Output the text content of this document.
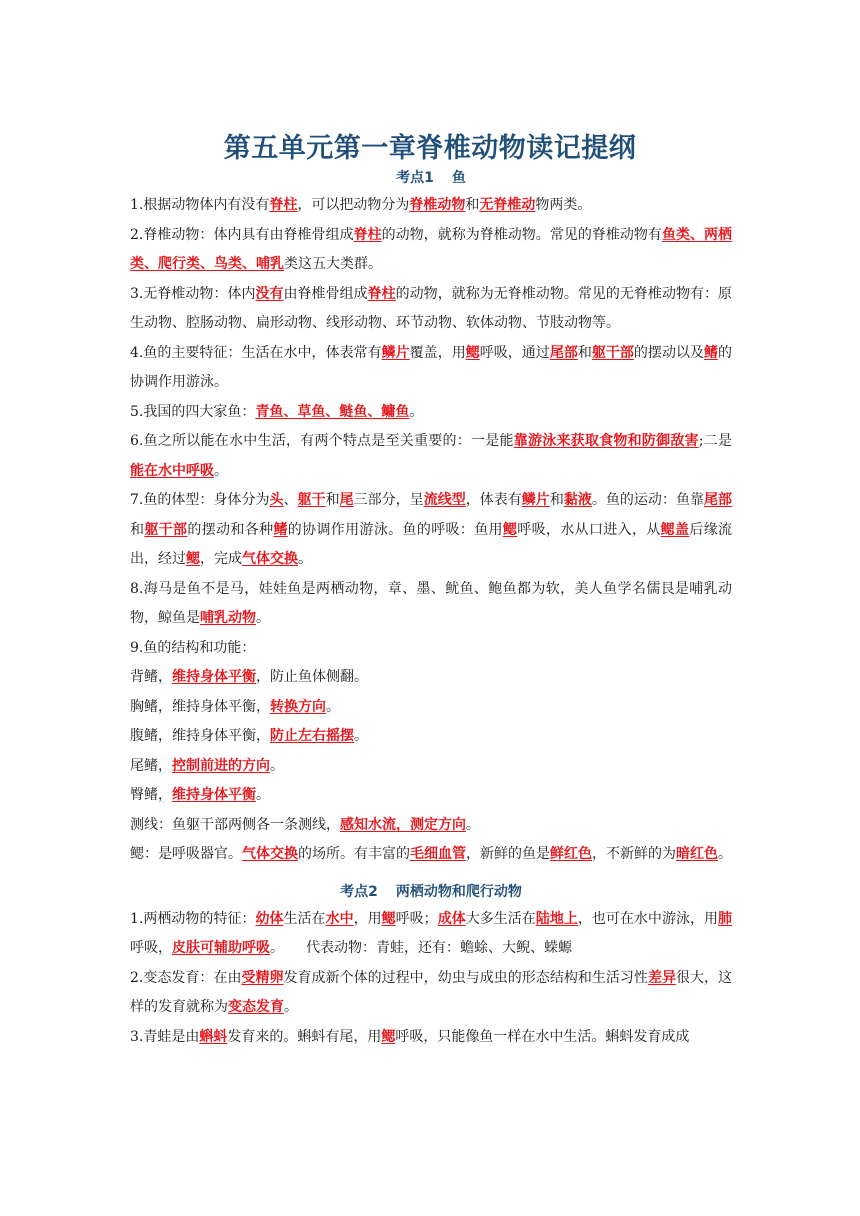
第五单元第一章脊椎动物读记提纲
考点1 鱼

1.根据动物体内有没有脊柱，可以把动物分为脊椎动物和无脊椎动物两类。

2.脊椎动物：体内具有由脊椎骨组成脊柱的动物，就称为脊椎动物。常见的脊椎动物有鱼类、两栖类、爬行类、鸟类、哺乳类这五大类群。

3.无脊椎动物：体内没有由脊椎骨组成脊柱的动物，就称为无脊椎动物。常见的无脊椎动物有：原生动物、腔肠动物、扁形动物、线形动物、环节动物、软体动物、节肢动物等。

4.鱼的主要特征：生活在水中，体表常有鳞片覆盖，用鳃呼吸，通过尾部和躯干部的摆动以及鳍的协调作用游泳。

5.我国的四大家鱼：青鱼、草鱼、鲢鱼、鳙鱼。

6.鱼之所以能在水中生活，有两个特点是至关重要的：一是能靠游泳来获取食物和防御敌害;二是能在水中呼吸。

7.鱼的体型：身体分为头、躯干和尾三部分，呈流线型，体表有鳞片和黏液。鱼的运动：鱼靠尾部和躯干部的摆动和各种鳍的协调作用游泳。鱼的呼吸：鱼用鳃呼吸，水从口进入，从鳃盖后缘流出，经过鳃，完成气体交换。

8.海马是鱼不是马，娃娃鱼是两栖动物，章、墨、鱿鱼、鲍鱼都为软，美人鱼学名儒艮是哺乳动物，鲸鱼是哺乳动物。

9.鱼的结构和功能：

背鳍，维持身体平衡，防止鱼体侧翻。

胸鳍，维持身体平衡，转换方向。

腹鳍，维持身体平衡，防止左右摇摆。

尾鳍，控制前进的方向。

臀鳍，维持身体平衡。

测线：鱼躯干部两侧各一条测线，感知水流，测定方向。

鳃：是呼吸器官。气体交换的场所。有丰富的毛细血管，新鲜的鱼是鲜红色，不新鲜的为暗红色。

考点2 两栖动物和爬行动物

1.两栖动物的特征：幼体生活在水中，用鳃呼吸；成体大多生活在陆地上，也可在水中游泳，用肺呼吸，皮肤可辅助呼吸。 代表动物：青蛙，还有：蟾蜍、大鲵、蝾螈

2.变态发育：在由受精卵发育成新个体的过程中，幼虫与成虫的形态结构和生活习性差异很大，这样的发育就称为变态发育。

3.青蛙是由蝌蚪发育来的。蝌蚪有尾，用鳃呼吸，只能像鱼一样在水中生活。蝌蚪发育成成
